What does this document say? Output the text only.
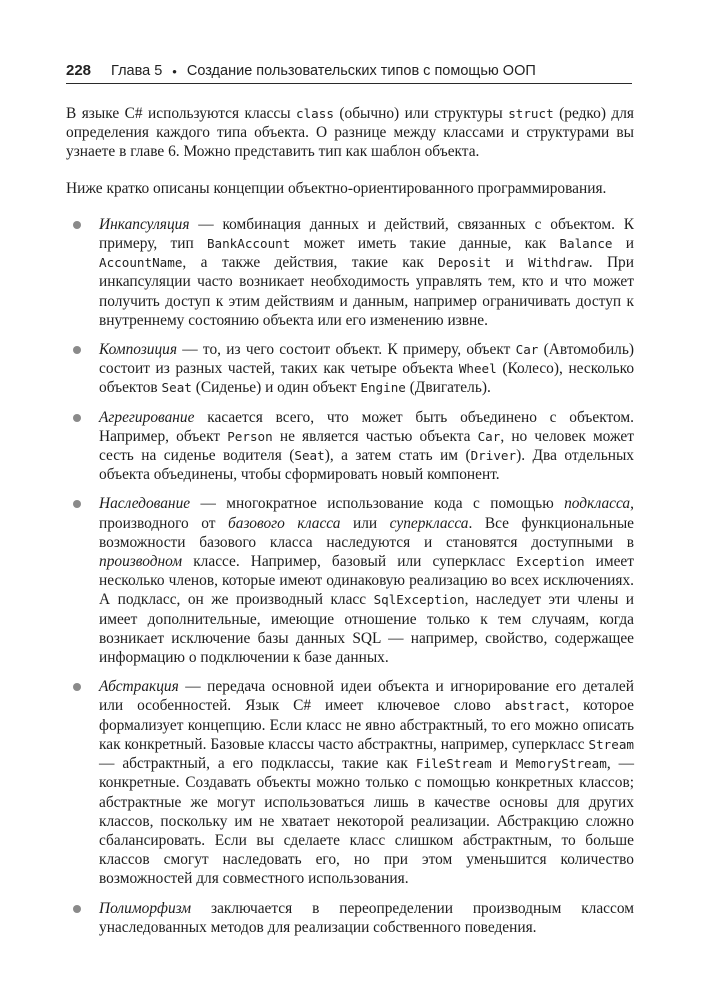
228 Глава 5 • Создание пользовательских типов с помощью ООП

В языке C# используются классы class (обычно) или структуры struct (редко) для определения каждого типа объекта. О разнице между классами и структурами вы узнаете в главе 6. Можно представить тип как шаблон объекта.

Ниже кратко описаны концепции объектно-ориентированного программирования.

Инкапсуляция — комбинация данных и действий, связанных с объектом. К примеру, тип BankAccount может иметь такие данные, как Balance и AccountName, а также действия, такие как Deposit и Withdraw. При инкапсуляции часто возникает необходимость управлять тем, кто и что может получить доступ к этим действиям и данным, например ограничивать доступ к внутреннему состоянию объекта или его изменению извне.
Композиция — то, из чего состоит объект. К примеру, объект Car (Автомобиль) состоит из разных частей, таких как четыре объекта Wheel (Колесо), несколько объектов Seat (Сиденье) и один объект Engine (Двигатель).
Агрегирование касается всего, что может быть объединено с объектом. Например, объект Person не является частью объекта Car, но человек может сесть на сиденье водителя (Seat), а затем стать им (Driver). Два отдельных объекта объединены, чтобы сформировать новый компонент.
Наследование — многократное использование кода с помощью подкласса, производного от базового класса или суперкласса. Все функциональные возможности базового класса наследуются и становятся доступными в производном классе. Например, базовый или суперкласс Exception имеет несколько членов, которые имеют одинаковую реализацию во всех исключениях. А подкласс, он же производный класс SqlException, наследует эти члены и имеет дополнительные, имеющие отношение только к тем случаям, когда возникает исключение базы данных SQL — например, свойство, содержащее информацию о подключении к базе данных.
Абстракция — передача основной идеи объекта и игнорирование его деталей или особенностей. Язык C# имеет ключевое слово abstract, которое формализует концепцию. Если класс не явно абстрактный, то его можно описать как конкретный. Базовые классы часто абстрактны, например, суперкласс Stream — абстрактный, а его подклассы, такие как FileStream и MemoryStream, — конкретные. Создавать объекты можно только с помощью конкретных классов; абстрактные же могут использоваться лишь в качестве основы для других классов, поскольку им не хватает некоторой реализации. Абстракцию сложно сбалансировать. Если вы сделаете класс слишком абстрактным, то больше классов смогут наследовать его, но при этом уменьшится количество возможностей для совместного использования.
Полиморфизм заключается в переопределении производным классом унаследованных методов для реализации собственного поведения.
